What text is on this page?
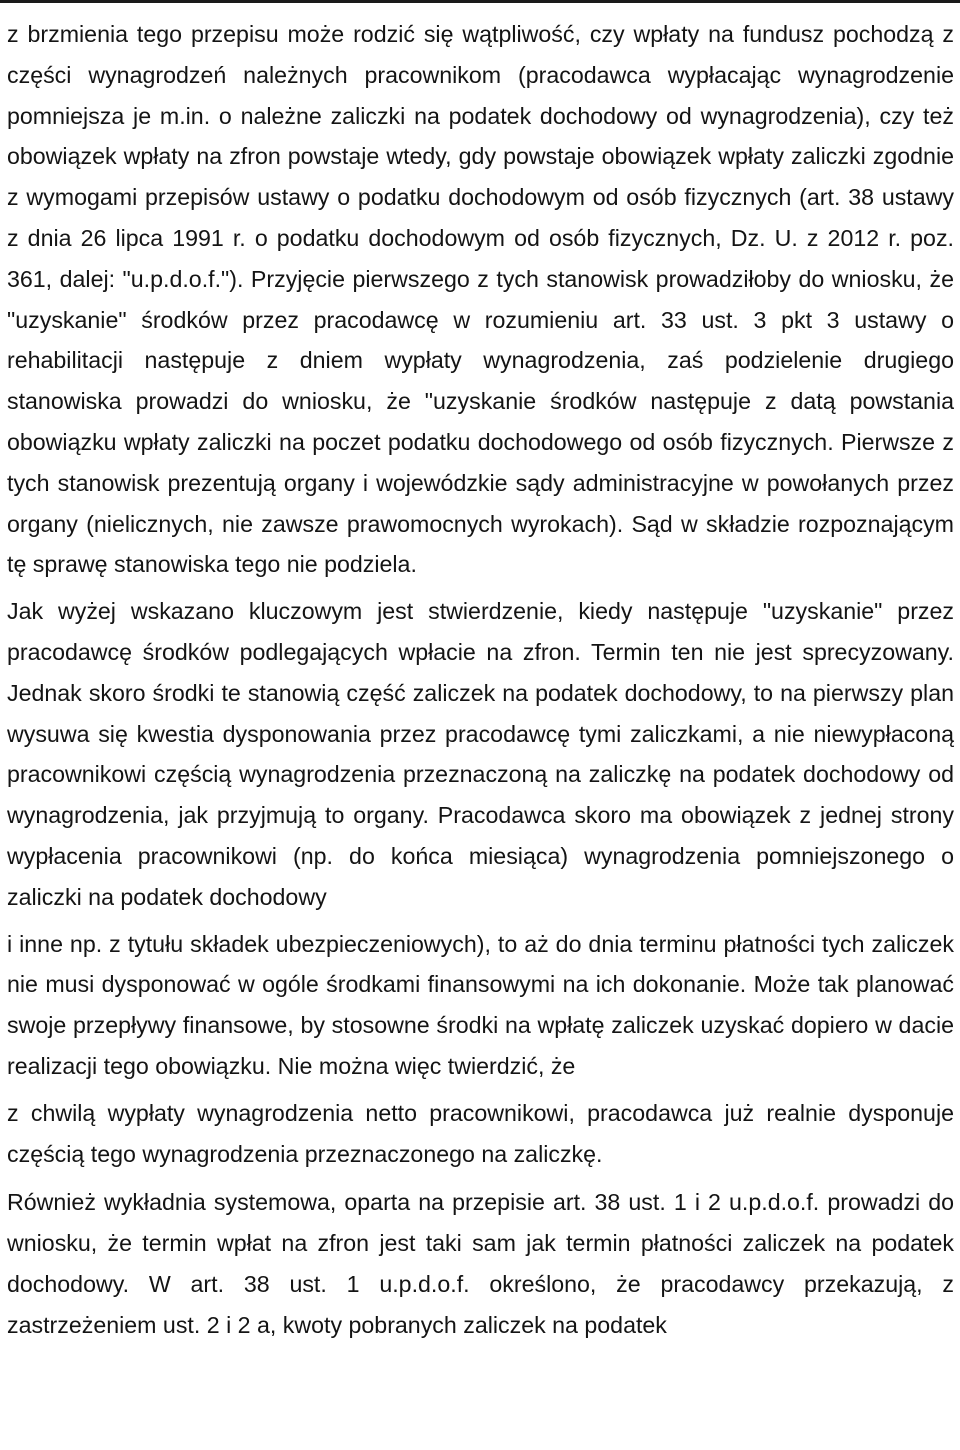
z brzmienia tego przepisu może rodzić się wątpliwość, czy wpłaty na fundusz pochodzą z części wynagrodzeń należnych pracownikom (pracodawca wypłacając wynagrodzenie pomniejsza je m.in. o należne zaliczki na podatek dochodowy od wynagrodzenia), czy też obowiązek wpłaty na zfron powstaje wtedy, gdy powstaje obowiązek wpłaty zaliczki zgodnie z wymogami przepisów ustawy o podatku dochodowym od osób fizycznych (art. 38 ustawy z dnia 26 lipca 1991 r. o podatku dochodowym od osób fizycznych, Dz. U. z 2012 r. poz. 361, dalej: "u.p.d.o.f."). Przyjęcie pierwszego z tych stanowisk prowadziłoby do wniosku, że "uzyskanie" środków przez pracodawcę w rozumieniu art. 33 ust. 3 pkt 3 ustawy o rehabilitacji następuje z dniem wypłaty wynagrodzenia, zaś podzielenie drugiego stanowiska prowadzi do wniosku, że "uzyskanie środków następuje z datą powstania obowiązku wpłaty zaliczki na poczet podatku dochodowego od osób fizycznych. Pierwsze z tych stanowisk prezentują organy i wojewódzkie sądy administracyjne w powołanych przez organy (nielicznych, nie zawsze prawomocnych wyrokach). Sąd w składzie rozpoznającym tę sprawę stanowiska tego nie podziela.

Jak wyżej wskazano kluczowym jest stwierdzenie, kiedy następuje "uzyskanie" przez pracodawcę środków podlegających wpłacie na zfron. Termin ten nie jest sprecyzowany. Jednak skoro środki te stanowią część zaliczek na podatek dochodowy, to na pierwszy plan wysuwa się kwestia dysponowania przez pracodawcę tymi zaliczkami, a nie niewypłaconą pracownikowi częścią wynagrodzenia przeznaczoną na zaliczkę na podatek dochodowy od wynagrodzenia, jak przyjmują to organy. Pracodawca skoro ma obowiązek z jednej strony wypłacenia pracownikowi (np. do końca miesiąca) wynagrodzenia pomniejszonego o zaliczki na podatek dochodowy

i inne np. z tytułu składek ubezpieczeniowych), to aż do dnia terminu płatności tych zaliczek nie musi dysponować w ogóle środkami finansowymi na ich dokonanie. Może tak planować swoje przepływy finansowe, by stosowne środki na wpłatę zaliczek uzyskać dopiero w dacie realizacji tego obowiązku. Nie można więc twierdzić, że

z chwilą wypłaty wynagrodzenia netto pracownikowi, pracodawca już realnie dysponuje częścią tego wynagrodzenia przeznaczonego na zaliczkę.

Również wykładnia systemowa, oparta na przepisie art. 38 ust. 1 i 2 u.p.d.o.f. prowadzi do wniosku, że termin wpłat na zfron jest taki sam jak termin płatności zaliczek na podatek dochodowy. W art. 38 ust. 1 u.p.d.o.f. określono, że pracodawcy przekazują, z zastrzeżeniem ust. 2 i 2 a, kwoty pobranych zaliczek na podatek
